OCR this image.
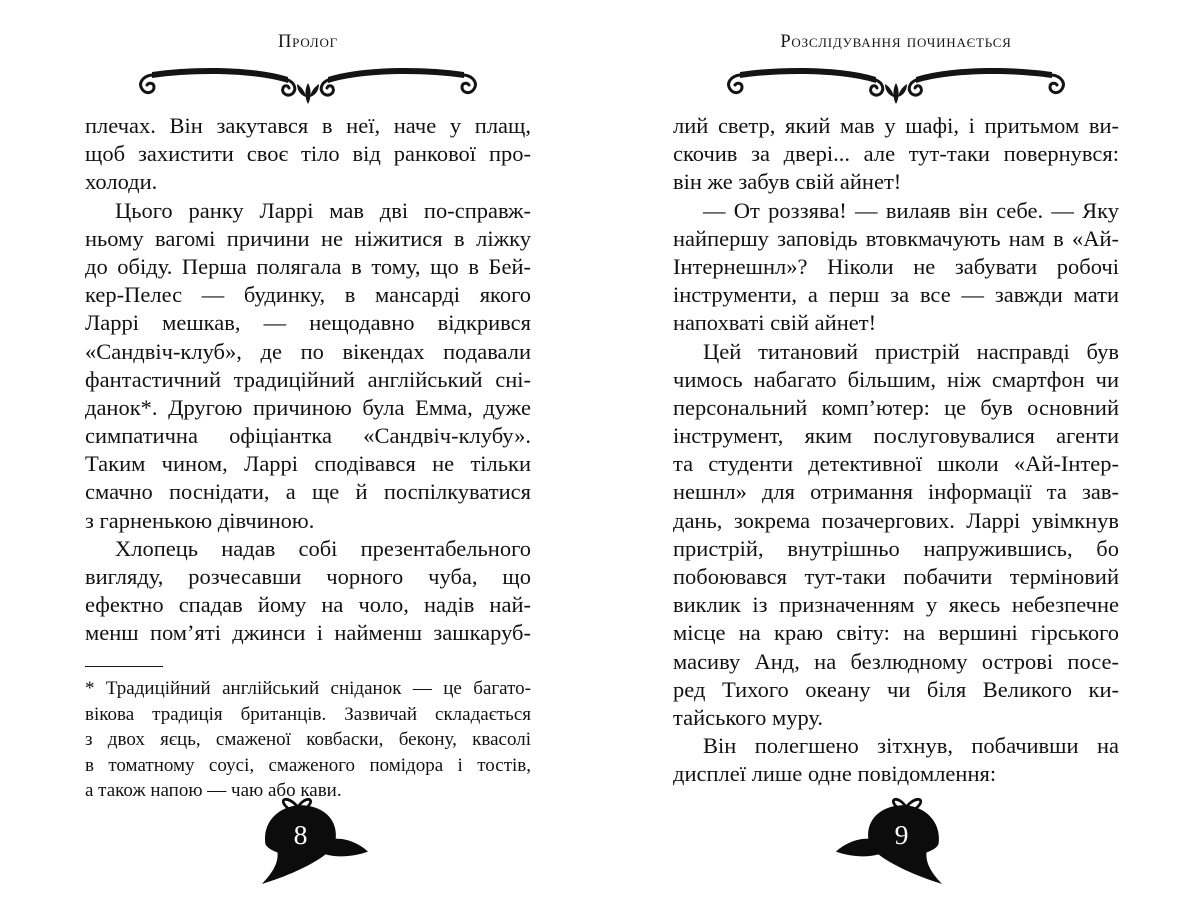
Пролог
плечах. Він закутався в неї, наче у плащ,
щоб захистити своє тіло від ранкової про-
холоди.
Цього ранку Ларрі мав дві по-справж-
ньому вагомі причини не ніжитися в ліжку
до обіду. Перша полягала в тому, що в Бей-
кер-Пелес — будинку, в мансарді якого
Ларрі мешкав, — нещодавно відкрився
«Сандвіч-клуб», де по вікендах подавали
фантастичний традиційний англійський сні-
данок*. Другою причиною була Емма, дуже
симпатична офіціантка «Сандвіч-клубу».
Таким чином, Ларрі сподівався не тільки
смачно поснідати, а ще й поспілкуватися
з гарненькою дівчиною.
Хлопець надав собі презентабельного
вигляду, розчесавши чорного чуба, що
ефектно спадав йому на чоло, надів най-
менш пом’яті джинси і найменш зашкаруб-
* Традиційний англійський сніданок — це багато-
вікова традиція британців. Зазвичай складається
з двох яєць, смаженої ковбаски, бекону, квасолі
в томатному соусі, смаженого помідора і тостів,
а також напою — чаю або кави.
8
Розслідування починається
лий светр, який мав у шафі, і притьмом ви-
скочив за двері... але тут-таки повернувся:
він же забув свій айнет!
— От роззява! — вилаяв він себе. — Яку
найпершу заповідь втовкмачують нам в «Ай-
Інтернешнл»? Ніколи не забувати робочі
інструменти, а перш за все — завжди мати
напохваті свій айнет!
Цей титановий пристрій насправді був
чимось набагато більшим, ніж смартфон чи
персональний комп’ютер: це був основний
інструмент, яким послуговувалися агенти
та студенти детективної школи «Ай-Інтер-
нешнл» для отримання інформації та зав-
дань, зокрема позачергових. Ларрі увімкнув
пристрій, внутрішньо напружившись, бо
побоювався тут-таки побачити терміновий
виклик із призначенням у якесь небезпечне
місце на краю світу: на вершині гірського
масиву Анд, на безлюдному острові посе-
ред Тихого океану чи біля Великого ки-
тайського муру.
Він полегшено зітхнув, побачивши на
дисплеї лише одне повідомлення:
9
